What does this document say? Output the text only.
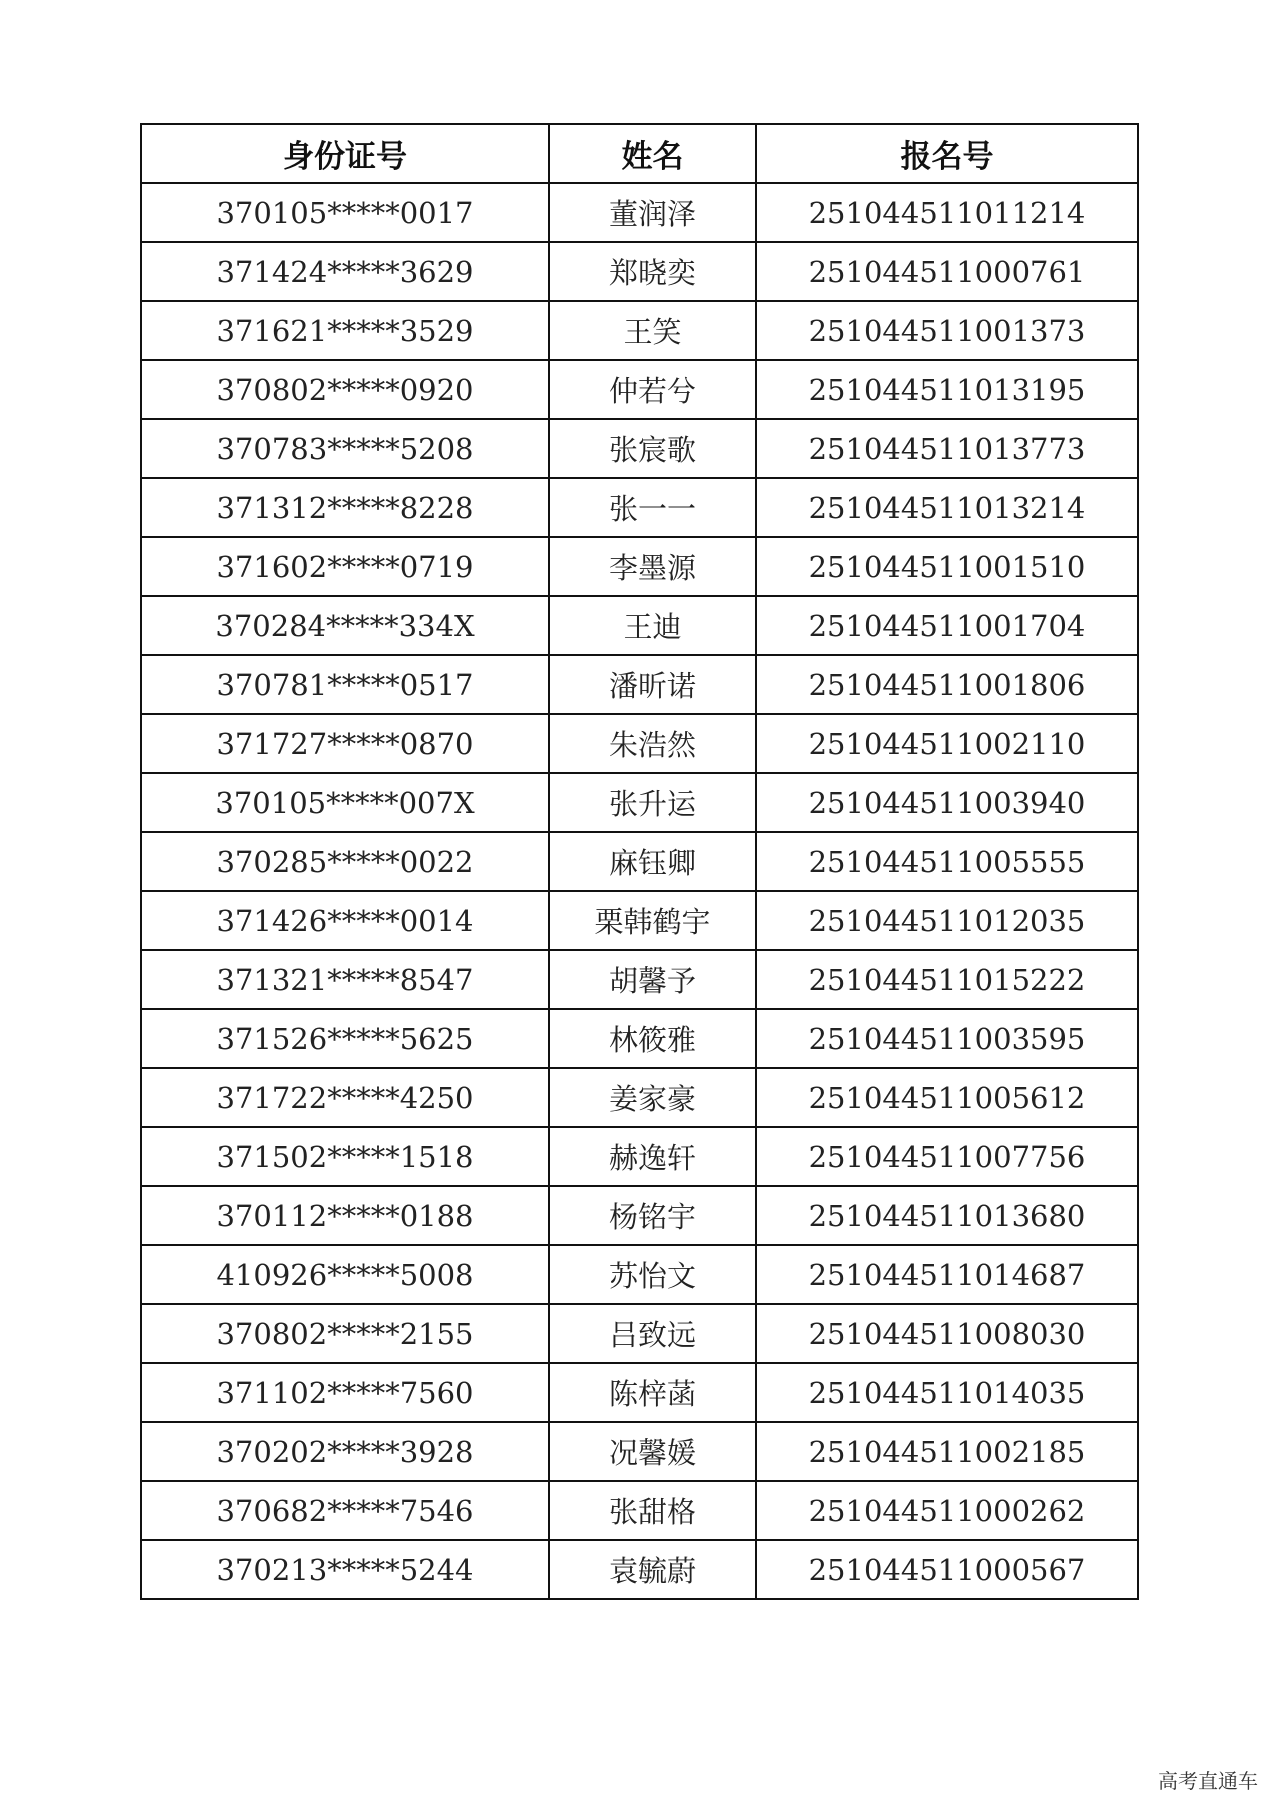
身份证号	姓名	报名号
370105*****0017	董润泽	251044511011214
371424*****3629	郑晓奕	251044511000761
371621*****3529	王笑	251044511001373
370802*****0920	仲若兮	251044511013195
370783*****5208	张宸歌	251044511013773
371312*****8228	张一一	251044511013214
371602*****0719	李墨源	251044511001510
370284*****334X	王迪	251044511001704
370781*****0517	潘昕诺	251044511001806
371727*****0870	朱浩然	251044511002110
370105*****007X	张升运	251044511003940
370285*****0022	麻钰卿	251044511005555
371426*****0014	栗韩鹤宇	251044511012035
371321*****8547	胡馨予	251044511015222
371526*****5625	林筱雅	251044511003595
371722*****4250	姜家豪	251044511005612
371502*****1518	赫逸轩	251044511007756
370112*****0188	杨铭宇	251044511013680
410926*****5008	苏怡文	251044511014687
370802*****2155	吕致远	251044511008030
371102*****7560	陈梓菡	251044511014035
370202*****3928	况馨媛	251044511002185
370682*****7546	张甜格	251044511000262
370213*****5244	袁毓蔚	251044511000567
高考直通车
